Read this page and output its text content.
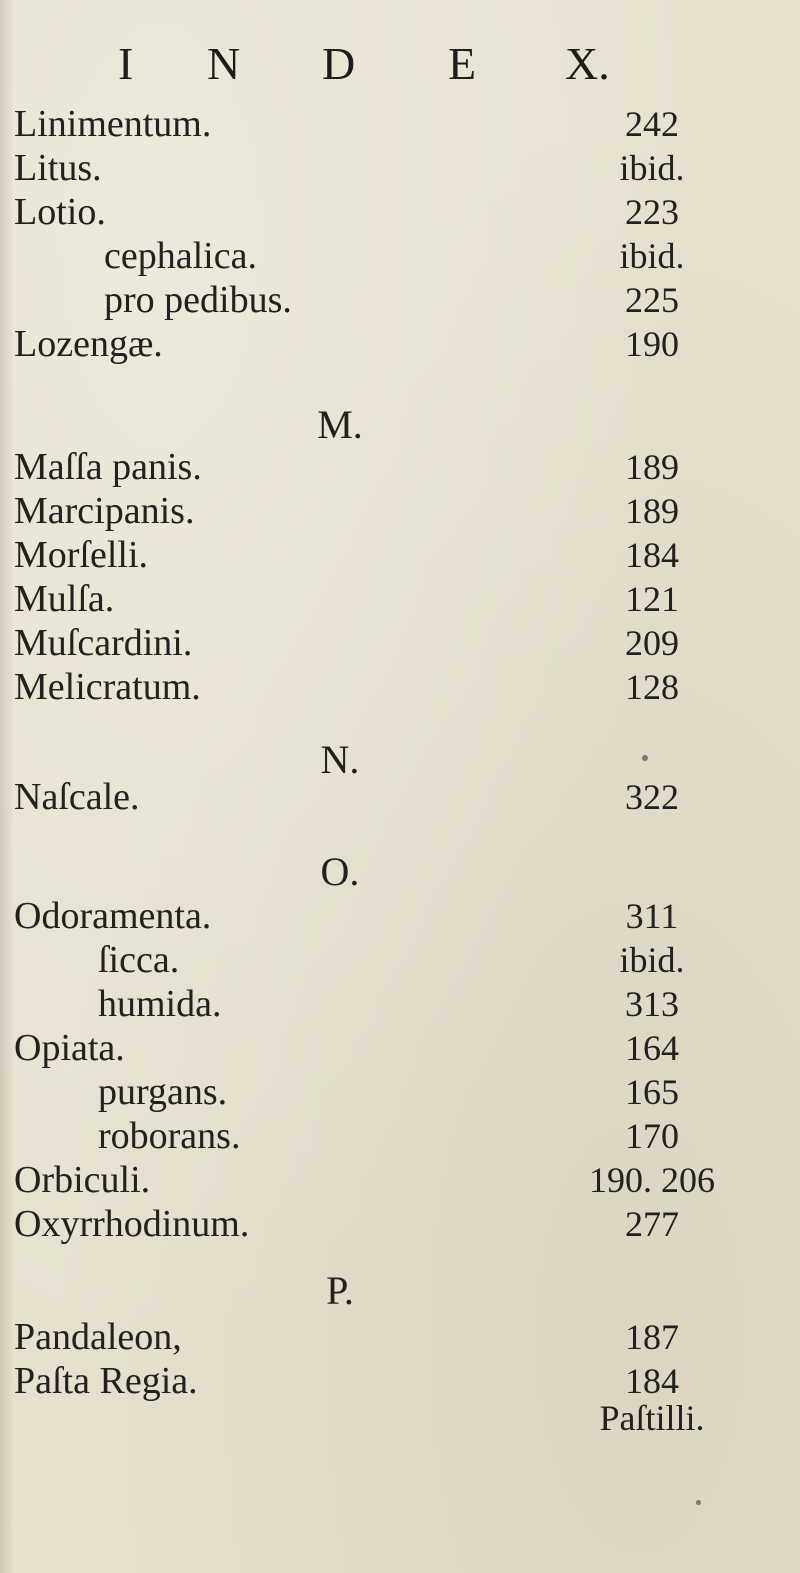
I N D E X.
Linimentum.	242
Litus.	ibid.
Lotio.	223
cephalica.	ibid.
pro pedibus.	225
Lozengæ.	190
M.
Maſſa panis.	189
Marcipanis.	189
Morſelli.	184
Mulſa.	121
Muſcardini.	209
Melicratum.	128
N.
Naſcale.	322
O.
Odoramenta.	311
ſicca.	ibid.
humida.	313
Opiata.	164
purgans.	165
roborans.	170
Orbiculi.	190. 206
Oxyrrhodinum.	277
P.
Pandaleon,	187
Paſta Regia.	184
Paſtilli.
